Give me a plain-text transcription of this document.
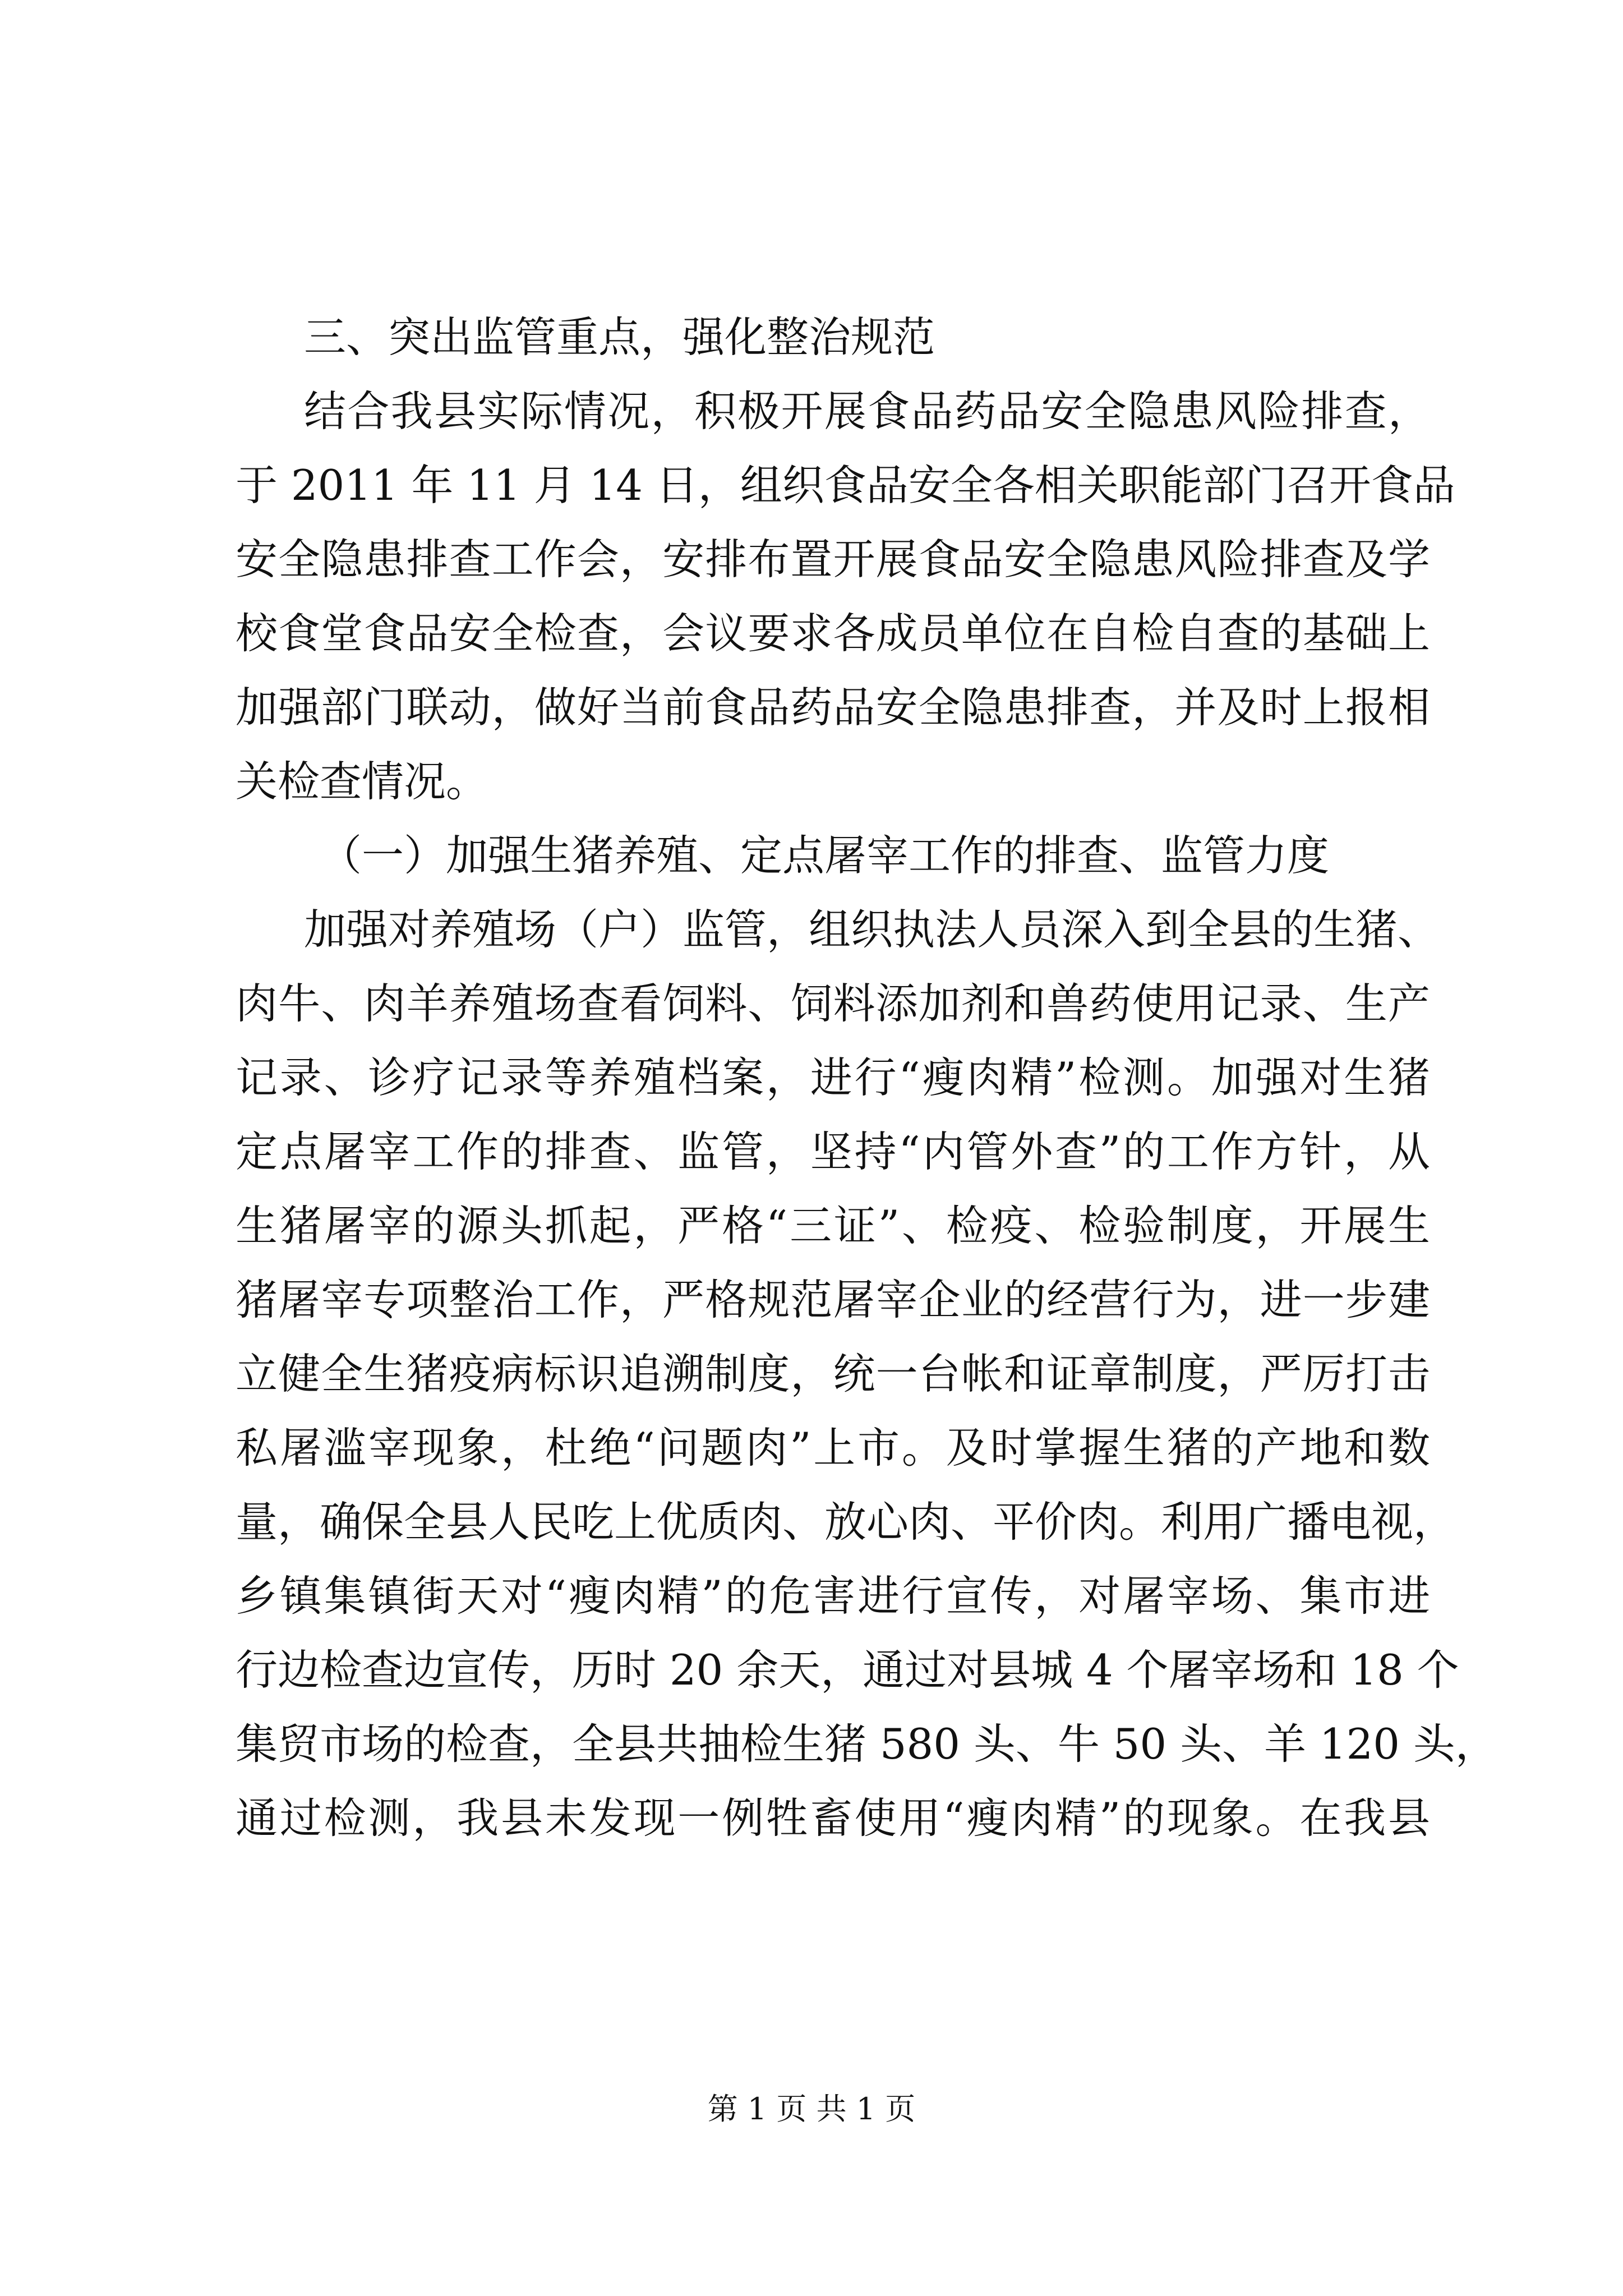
三、突出监管重点，强化整治规范
结合我县实际情况，积极开展食品药品安全隐患风险排查，
于 2011 年 11 月 14 日，组织食品安全各相关职能部门召开食品
安全隐患排查工作会，安排布置开展食品安全隐患风险排查及学
校食堂食品安全检查，会议要求各成员单位在自检自查的基础上
加强部门联动，做好当前食品药品安全隐患排查，并及时上报相
关检查情况。
（一）加强生猪养殖、定点屠宰工作的排查、监管力度
加强对养殖场（户）监管，组织执法人员深入到全县的生猪、
肉牛、肉羊养殖场查看饲料、饲料添加剂和兽药使用记录、生产
记录、诊疗记录等养殖档案，进行“瘦肉精”检测。加强对生猪
定点屠宰工作的排查、监管，坚持“内管外查”的工作方针，从
生猪屠宰的源头抓起，严格“三证”、检疫、检验制度，开展生
猪屠宰专项整治工作，严格规范屠宰企业的经营行为，进一步建
立健全生猪疫病标识追溯制度，统一台帐和证章制度，严厉打击
私屠滥宰现象，杜绝“问题肉”上市。及时掌握生猪的产地和数
量，确保全县人民吃上优质肉、放心肉、平价肉。利用广播电视，
乡镇集镇街天对“瘦肉精”的危害进行宣传，对屠宰场、集市进
行边检查边宣传，历时 20 余天，通过对县城 4 个屠宰场和 18 个
集贸市场的检查，全县共抽检生猪 580 头、牛 50 头、羊 120 头，
通过检测，我县未发现一例牲畜使用“瘦肉精”的现象。在我县
第 1 页 共 1 页
